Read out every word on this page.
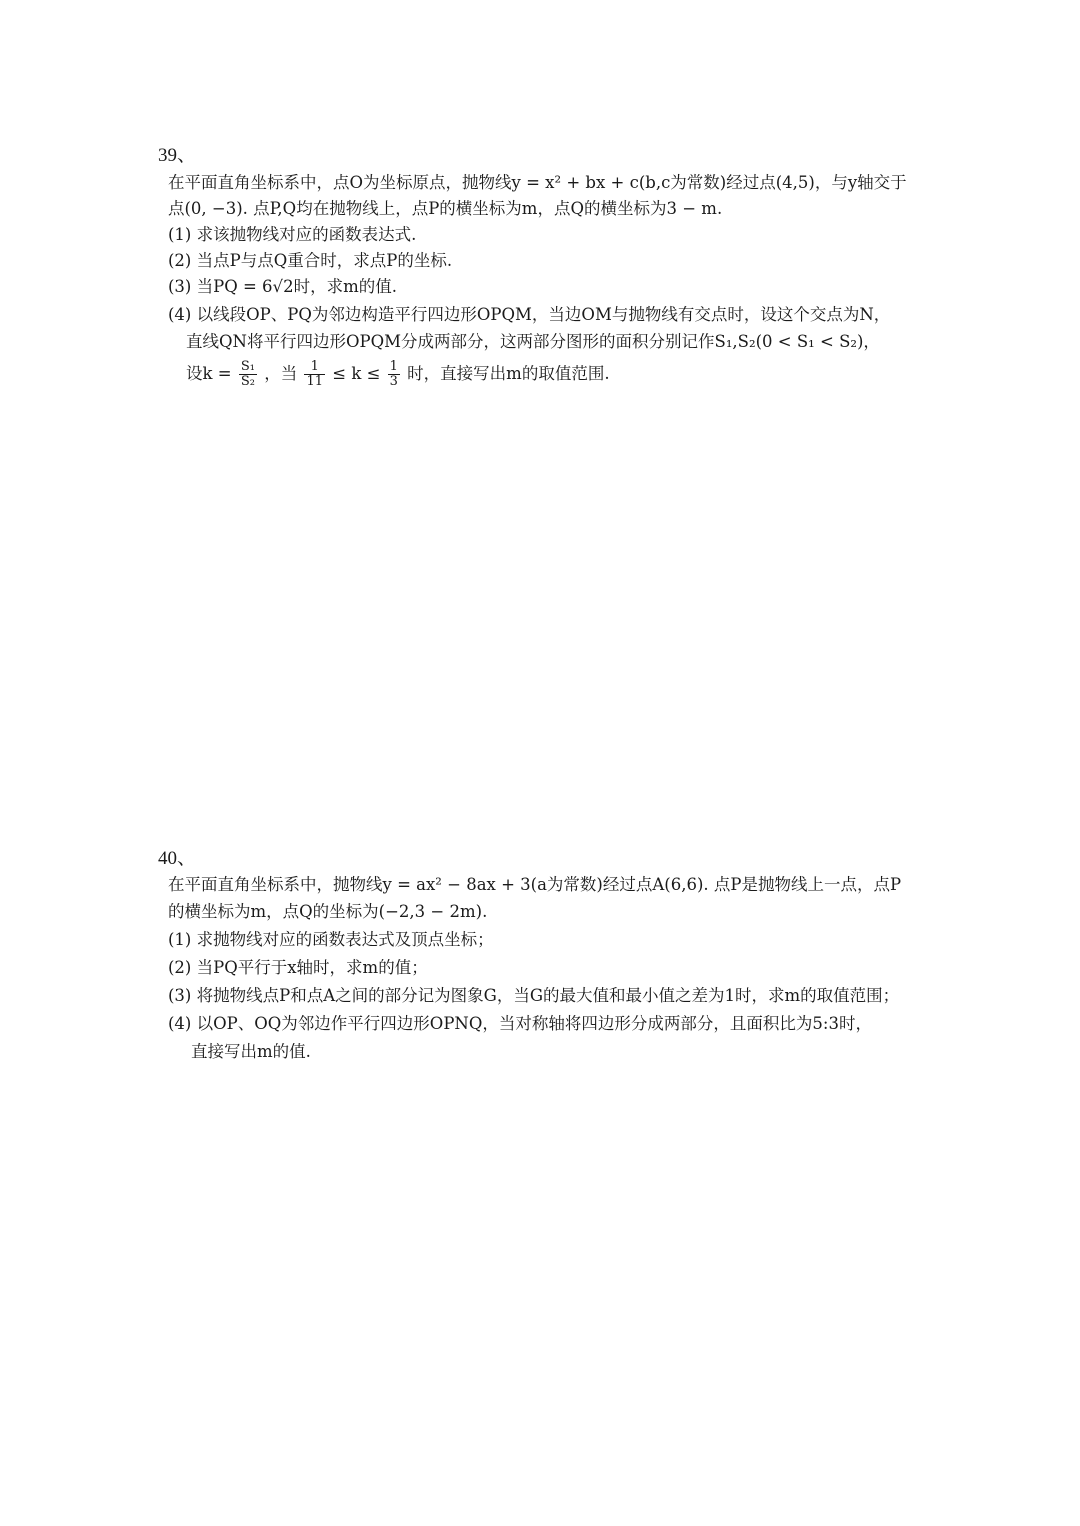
39、
在平面直角坐标系中，点O为坐标原点，抛物线y = x² + bx + c(b,c为常数)经过点(4,5)，与y轴交于
点(0, −3). 点P,Q均在抛物线上，点P的横坐标为m，点Q的横坐标为3 − m.
(1) 求该抛物线对应的函数表达式.
(2) 当点P与点Q重合时，求点P的坐标.
(3) 当PQ = 6√2时，求m的值.
(4) 以线段OP、PQ为邻边构造平行四边形OPQM，当边OM与抛物线有交点时，设这个交点为N，
直线QN将平行四边形OPQM分成两部分，这两部分图形的面积分别记作S₁,S₂(0 < S₁ < S₂)，
设$k = \frac{\text{S₁}}{\text{S₂}}$ ，当 $\frac{1}{11} \le k \le \frac{1}{3}$ 时，直接写出m的取值范围.
40、
在平面直角坐标系中，抛物线y = ax² − 8ax + 3(a为常数)经过点A(6,6). 点P是抛物线上一点，点P
的横坐标为m，点Q的坐标为(−2,3 − 2m).
(1) 求抛物线对应的函数表达式及顶点坐标；
(2) 当PQ平行于x轴时，求m的值；
(3) 将抛物线点P和点A之间的部分记为图象G，当G的最大值和最小值之差为1时，求m的取值范围；
(4) 以OP、OQ为邻边作平行四边形OPNQ，当对称轴将四边形分成两部分，且面积比为5:3时，
直接写出m的值.
